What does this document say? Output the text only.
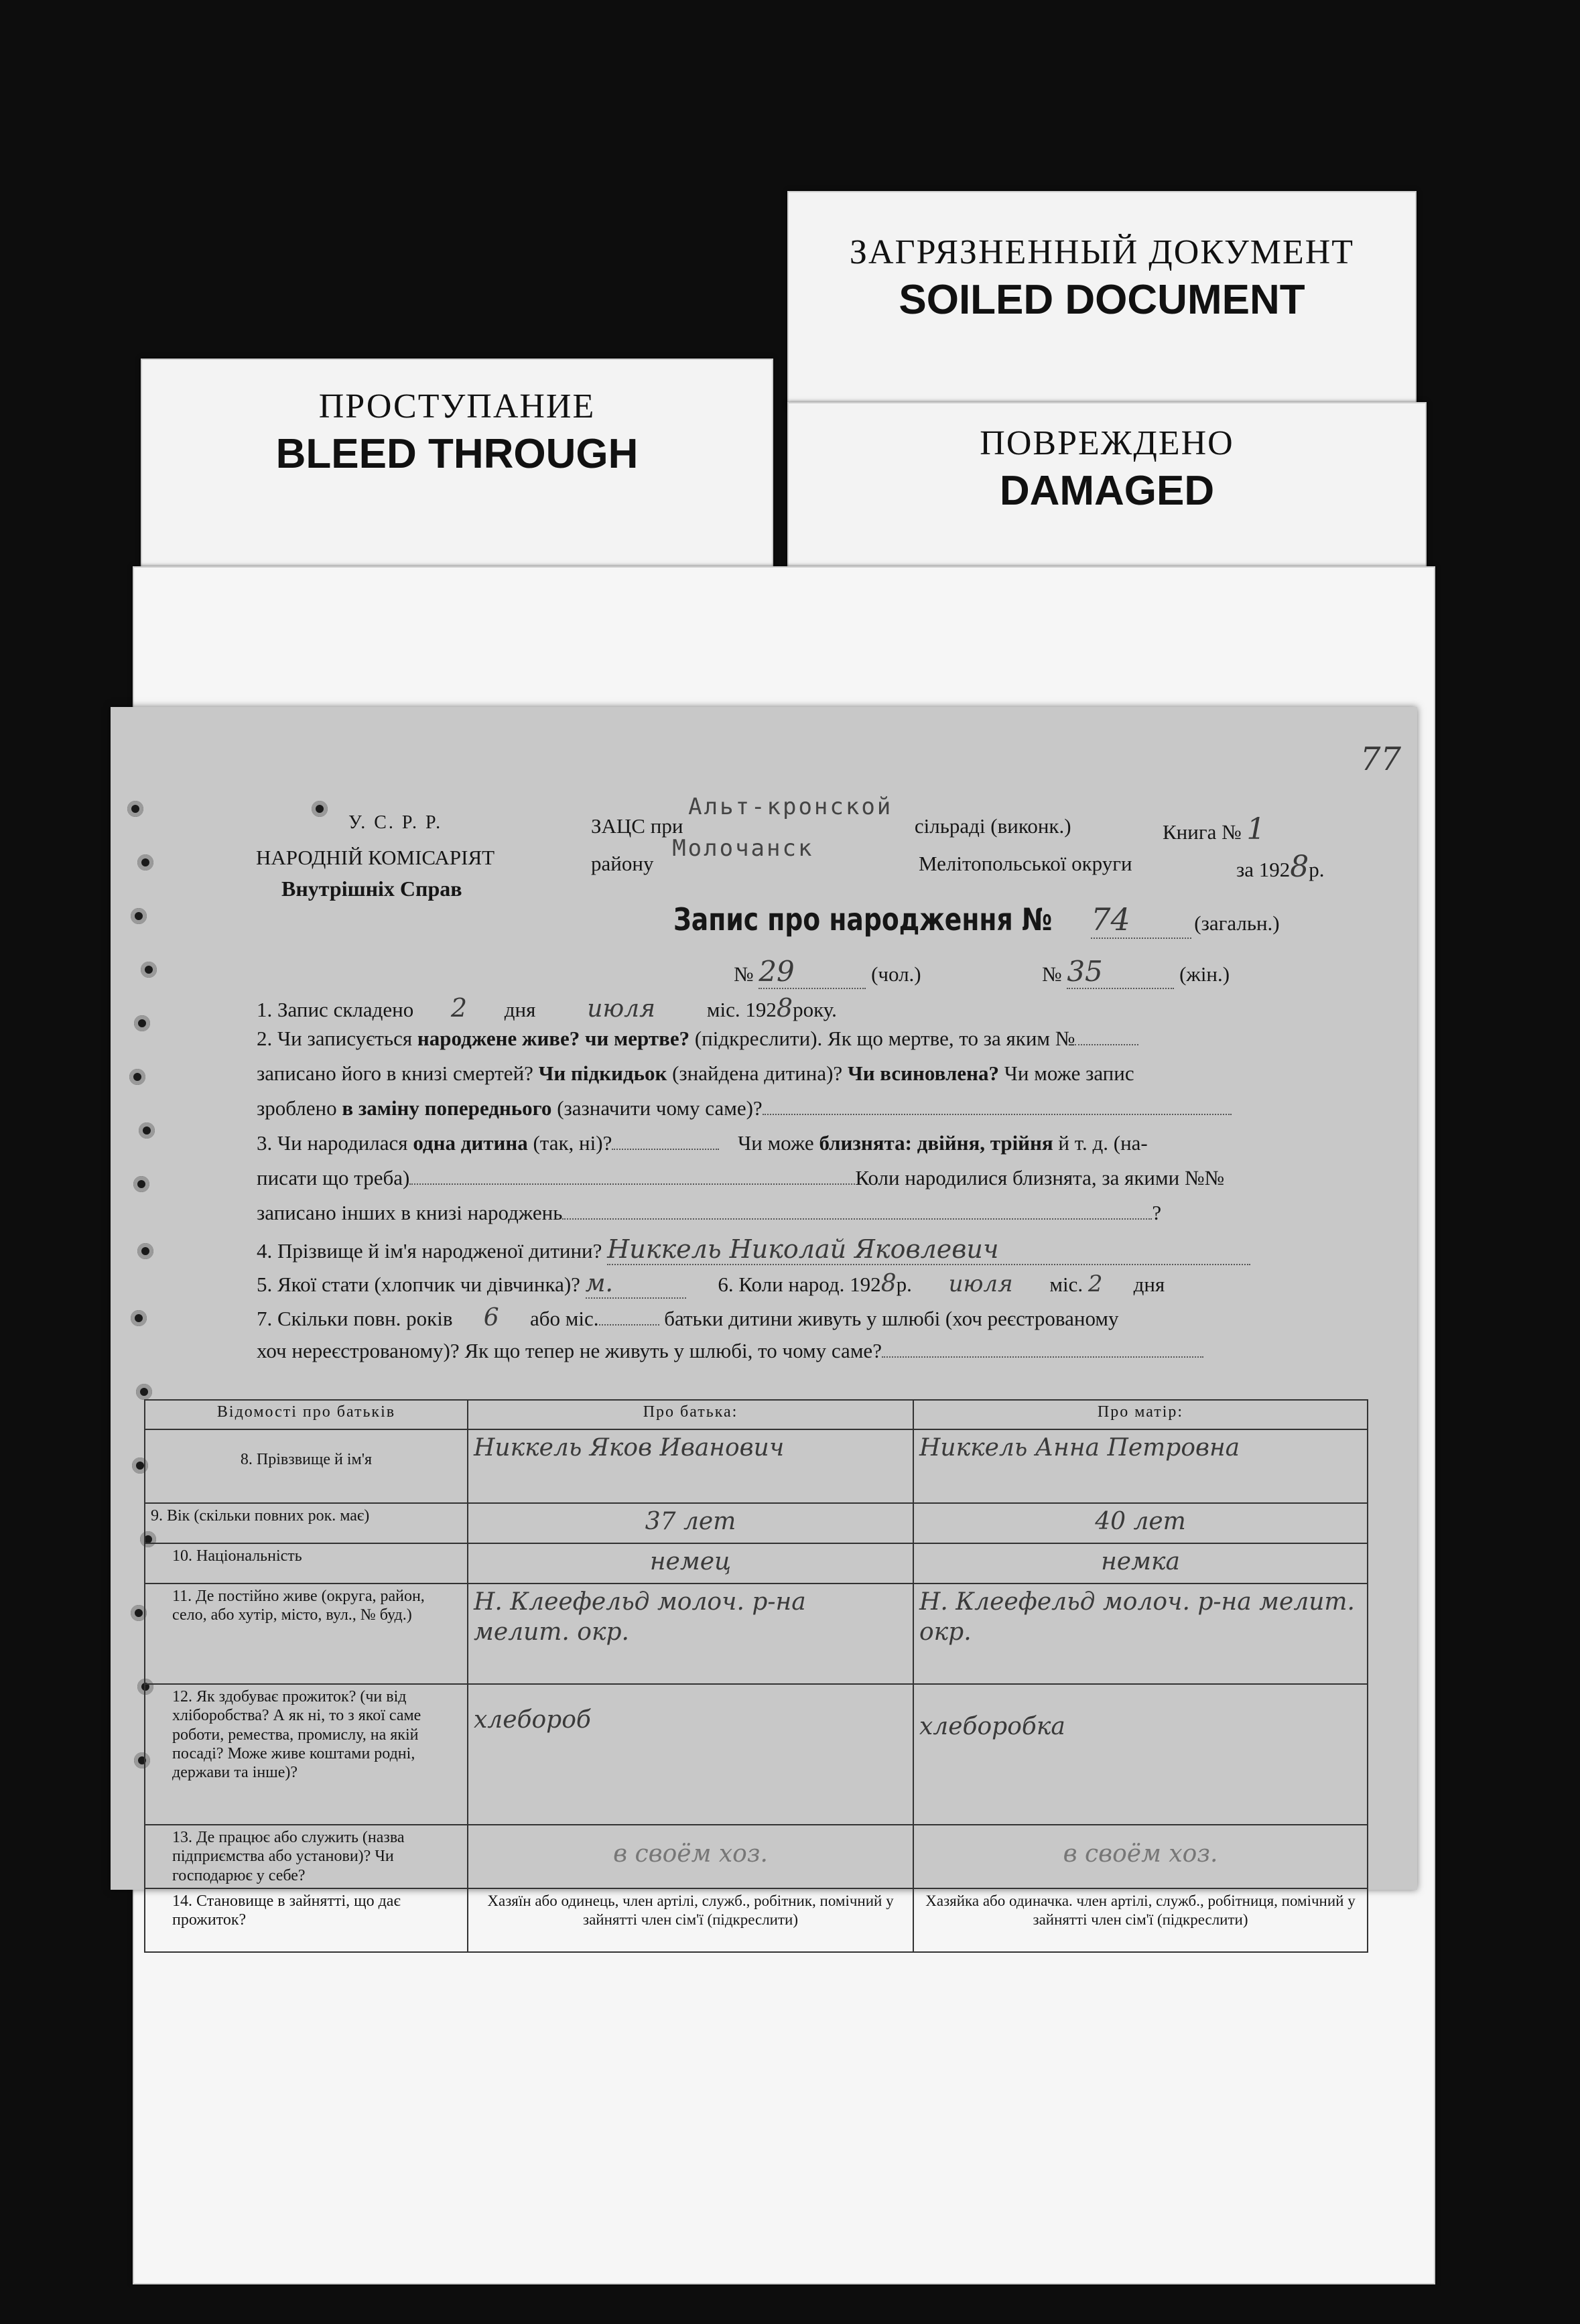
ЗАГРЯЗНЕННЫЙ ДОКУМЕНТ
SOILED DOCUMENT
ПРОСТУПАНИЕ
BLEED THROUGH	ПОВРЕЖДЕНО
DAMAGED
77
У. С. Р. Р.
НАРОДНІЙ КОМІСАРІЯТ
Внутрішніх Справ
ЗАЦС при Альт-кронской сільраді (виконк.)	Книга № 1
району Молочанск Мелітопольської округи	за 1928р.
Запис про народження № 74	(загальн.)
№ 29	(чол.)	№ 35	(жін.)
1. Запис складено 2 дня июля міс. 1928року.
2. Чи записується народжене живе? чи мертве? (підкреслити). Як що мертве, то за яким №
записано його в книзі смертей? Чи підкидьок (знайдена дитина)? Чи всиновлена? Чи може запис
зроблено в заміну попереднього (зазначити чому саме)?
3. Чи народилася одна дитина (так, ні)?	Чи може близнята: двійня, трійня й т. д. (на-
писати що треба)	Коли народилися близнята, за якими №№
записано інших в книзі народжень	?
4. Прізвище й ім'я народженої дитини? Никкель Николай Яковлевич
5. Якої стати (хлопчик чи дівчинка)? м.	6. Коли народ. 1928р. июля міс. 2 дня
7. Скільки повн. років 6 або міс.	батьки дитини живуть у шлюбі (хоч реєстрованому
хоч нереєстрованому)? Як що тепер не живуть у шлюбі, то чому саме?
Відомості про батьків	Про батька:	Про матір:
8. Прівзвище й ім'я	Никкель Яков Иванович	Никкель Анна Петровна
9. Вік (скільки повних рок. має)	37 лет	40 лет
10. Національність	немец	немка
11. Де постійно живе (округа, район, село, або хутір, місто, вул., № буд.)	Н. Клеефельд молоч. р-на мелит. окр.	Н. Клеефельд молоч. р-на мелит. окр.
12. Як здобуває прожиток? (чи від хліборобства? А як ні, то з якої саме роботи, ремества, промислу, на якій посаді? Може живе коштами родні, держави та інше)?	хлебороб	хлеборобка
13. Де працює або служить (назва підприємства або установи)? Чи господарює у себе?	в своём хоз.	в своём хоз.
14. Становище в зайнятті, що дає прожиток?	Хазяїн або одинець, член артілі, служб., робітник, помічний у зайнятті член сім'ї (підкреслити)	Хазяйка або одиначка. член артілі, служб., робітниця, помічний у зайнятті член сім'ї (підкреслити)
